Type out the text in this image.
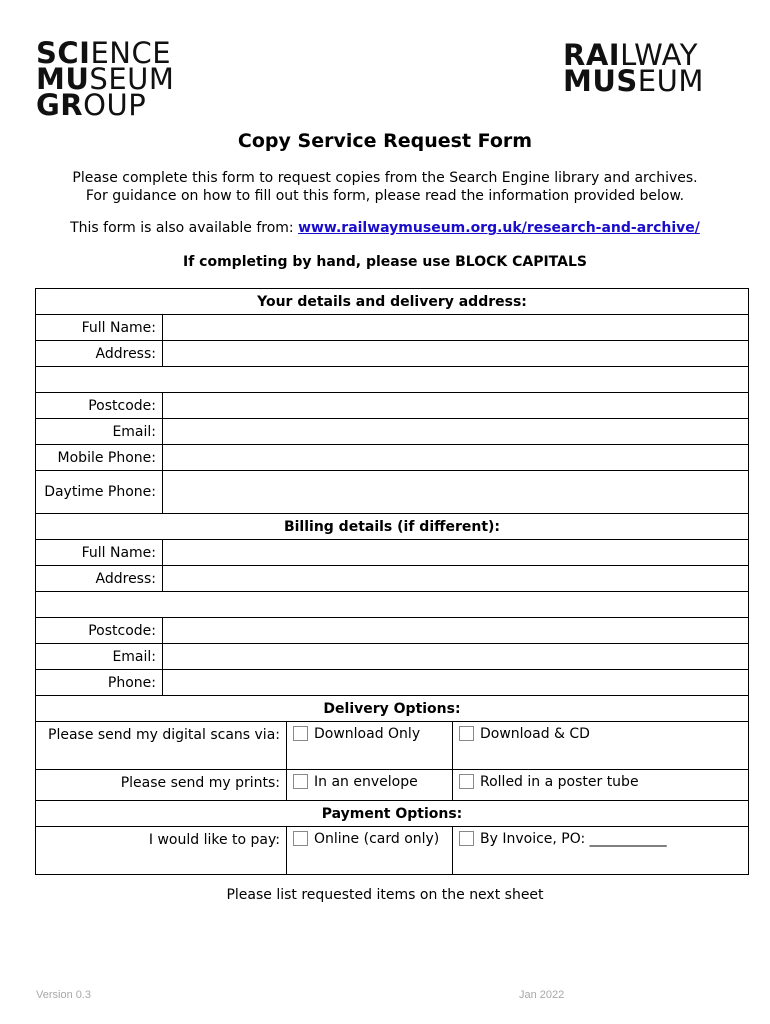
SCIENCE
MUSEUM
GROUP
RAILWAY
MUSEUM
Copy Service Request Form
Please complete this form to request copies from the Search Engine library and archives.
For guidance on how to fill out this form, please read the information provided below.
This form is also available from: www.railwaymuseum.org.uk/research-and-archive/
If completing by hand, please use BLOCK CAPITALS
Your details and delivery address:			
Full Name:			
Address:			

Postcode:			
Email:			
Mobile Phone:			
Daytime Phone:			
Billing details (if different):			
Full Name:			
Address:			

Postcode:			
Email:			
Phone:			
Delivery Options:			
Please send my digital scans via:		Download Only	Download & CD
Please send my prints:		In an envelope	Rolled in a poster tube
Payment Options:			
I would like to pay:		Online (card only)	By Invoice, PO: ___________
Please list requested items on the next sheet
Version 0.3	Jan 2022
